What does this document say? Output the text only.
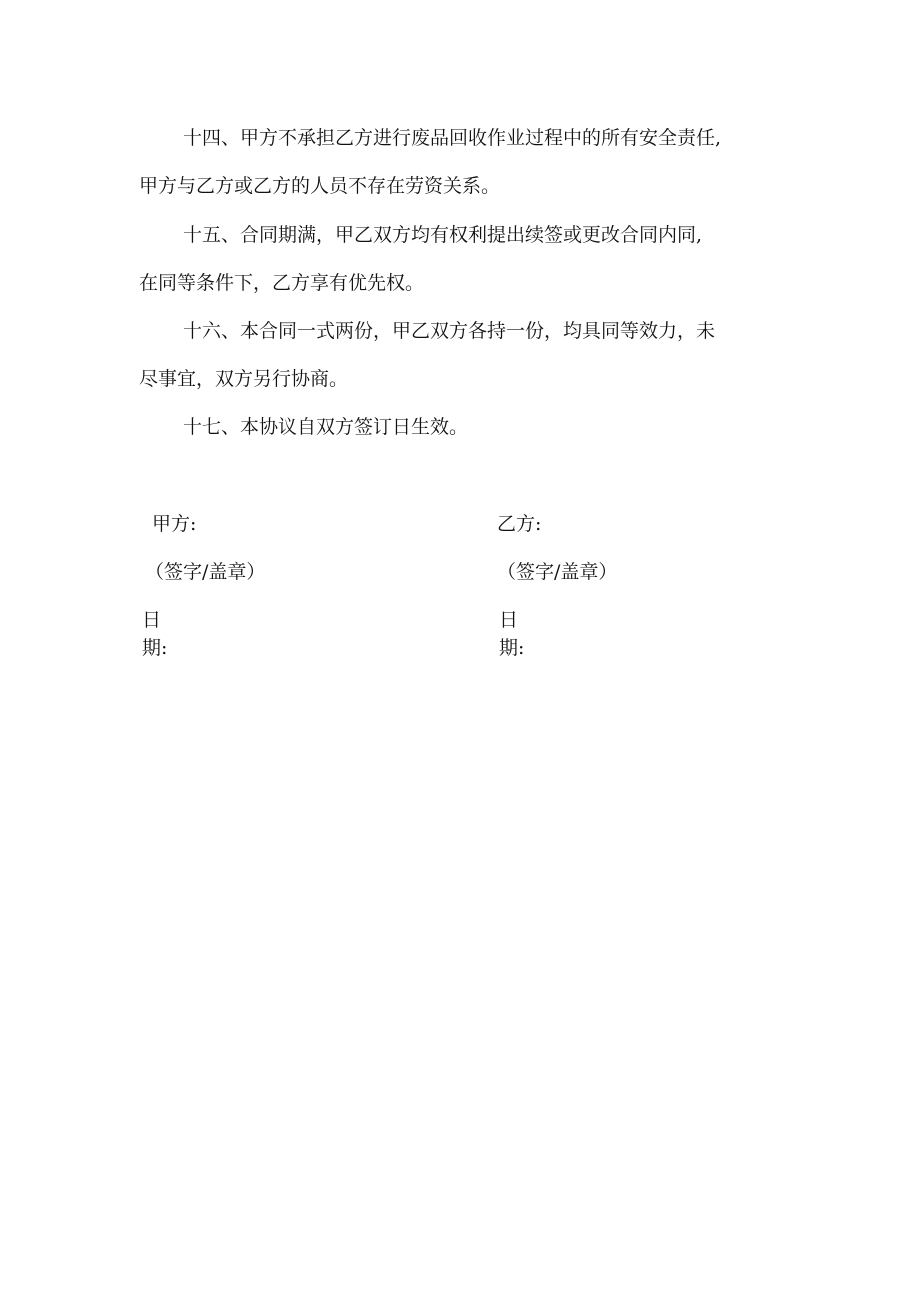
十四、甲方不承担乙方进行废品回收作业过程中的所有安全责任,
甲方与乙方或乙方的人员不存在劳资关系。
十五、合同期满，甲乙双方均有权利提出续签或更改合同内同,
在同等条件下，乙方享有优先权。
十六、本合同一式两份，甲乙双方各持一份，均具同等效力，未
尽事宜，双方另行协商。
十七、本协议自双方签订日生效。
甲方:
（签字/盖章）
日
期:
乙方:
（签字/盖章）
日
期:
